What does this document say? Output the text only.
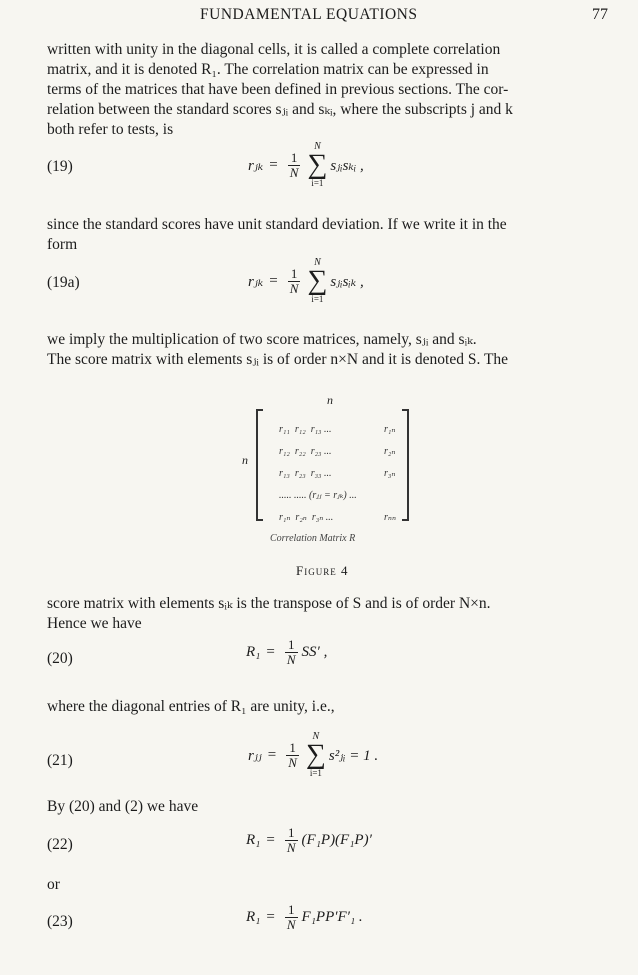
FUNDAMENTAL EQUATIONS	77

written with unity in the diagonal cells, it is called a complete correlation

matrix, and it is denoted R₁. The correlation matrix can be expressed in

terms of the matrices that have been defined in previous sections. The cor-

relation between the standard scores sⱼᵢ and sₖᵢ, where the subscripts j and k

both refer to tests, is

(19)	rⱼₖ = $\frac{1}{N}$
N
∑
i=1
sⱼᵢsₖᵢ ,

since the standard scores have unit standard deviation. If we write it in the

form

(19a)	rⱼₖ = $\frac{1}{N}$
N
∑
i=1
sⱼᵢsᵢₖ ,

we imply the multiplication of two score matrices, namely, sⱼᵢ and sᵢₖ.

The score matrix with elements sⱼᵢ is of order n×N and it is denoted S. The

n
n

r₁₁  r₁₂  r₁₃ ...	r₁ₙ

r₁₂  r₂₂  r₂₃ ...	r₂ₙ

r₁₃  r₂₃  r₃₃ ...	r₃ₙ

..... ..... (rⱼⱼ = rⱼₖ) ...

r₁ₙ  r₂ₙ  r₃ₙ ...	rₙₙ

Correlation Matrix R
Figure 4

score matrix with elements sᵢₖ is the transpose of S and is of order N×n.

Hence we have

(20)	$R_1 = \frac{1}{N} SS'$ ,

where the diagonal entries of R₁ are unity, i.e.,

(21)	rⱼⱼ = $\frac{1}{N}$
N
∑
i=1
s²ⱼᵢ = 1 .

By (20) and (2) we have

(22)	$R_1 = \frac{1}{N} (F_1P)(F_1P)'$

or

(23)	$R_1 = \frac{1}{N} F_1PP'F'_1$ .
